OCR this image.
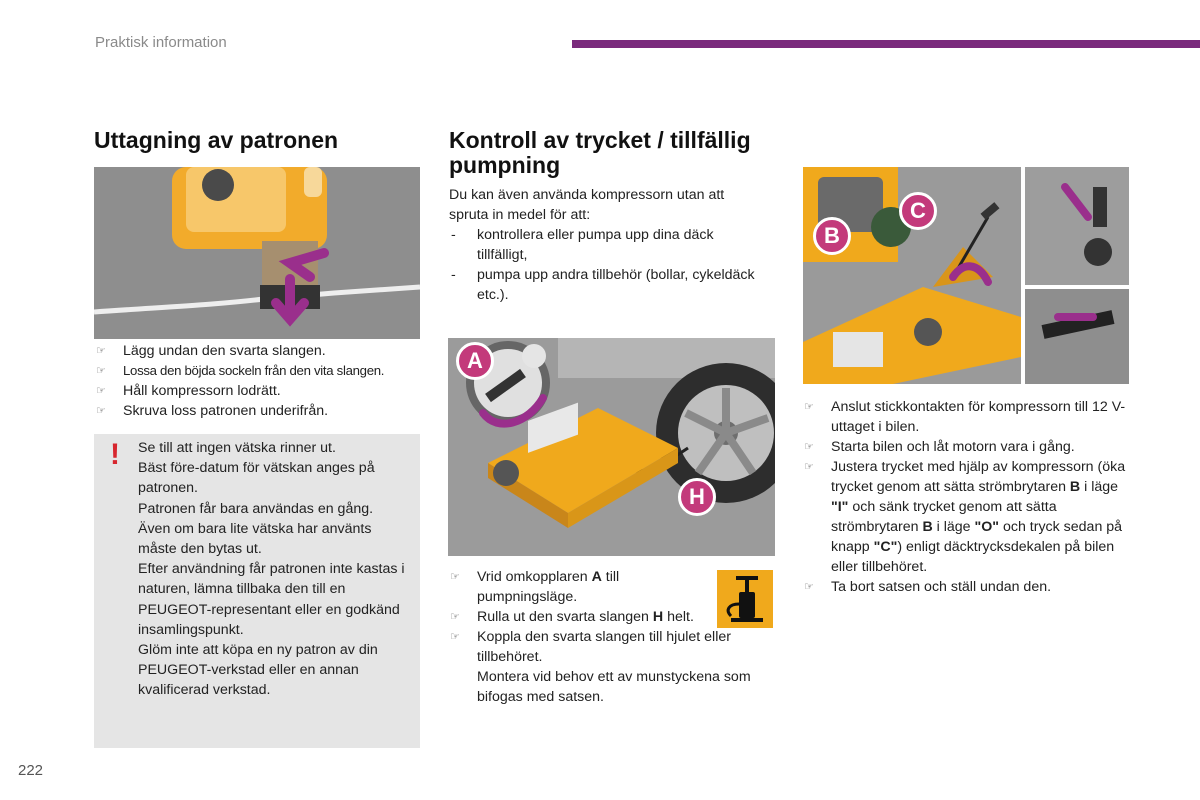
Praktisk information
Uttagning av patronen
☞ Lägg undan den svarta slangen.
☞ Lossa den böjda sockeln från den vita slangen.
☞ Håll kompressorn lodrätt.
☞ Skruva loss patronen underifrån.
! Se till att ingen vätska rinner ut.
Bäst före-datum för vätskan anges på patronen.
Patronen får bara användas en gång. Även om bara lite vätska har använts måste den bytas ut.
Efter användning får patronen inte kastas i naturen, lämna tillbaka den till en PEUGEOT-representant eller en godkänd insamlingspunkt.
Glöm inte att köpa en ny patron av din PEUGEOT-verkstad eller en annan kvalificerad verkstad.
Kontroll av trycket / tillfällig pumpning
Du kan även använda kompressorn utan att spruta in medel för att:
- kontrollera eller pumpa upp dina däck tillfälligt,
- pumpa upp andra tillbehör (bollar, cykeldäck etc.).
A
H
☞ Vrid omkopplaren A till pumpningsläge.
☞ Rulla ut den svarta slangen H helt.
☞ Koppla den svarta slangen till hjulet eller tillbehöret.
Montera vid behov ett av munstyckena som bifogas med satsen.
B
C
☞ Anslut stickkontakten för kompressorn till 12 V-uttaget i bilen.
☞ Starta bilen och låt motorn vara i gång.
☞ Justera trycket med hjälp av kompressorn (öka trycket genom att sätta strömbrytaren B i läge "I" och sänk trycket genom att sätta strömbrytaren B i läge "O" och tryck sedan på knapp "C") enligt däcktrycksdekalen på bilen eller tillbehöret.
☞ Ta bort satsen och ställ undan den.
222
